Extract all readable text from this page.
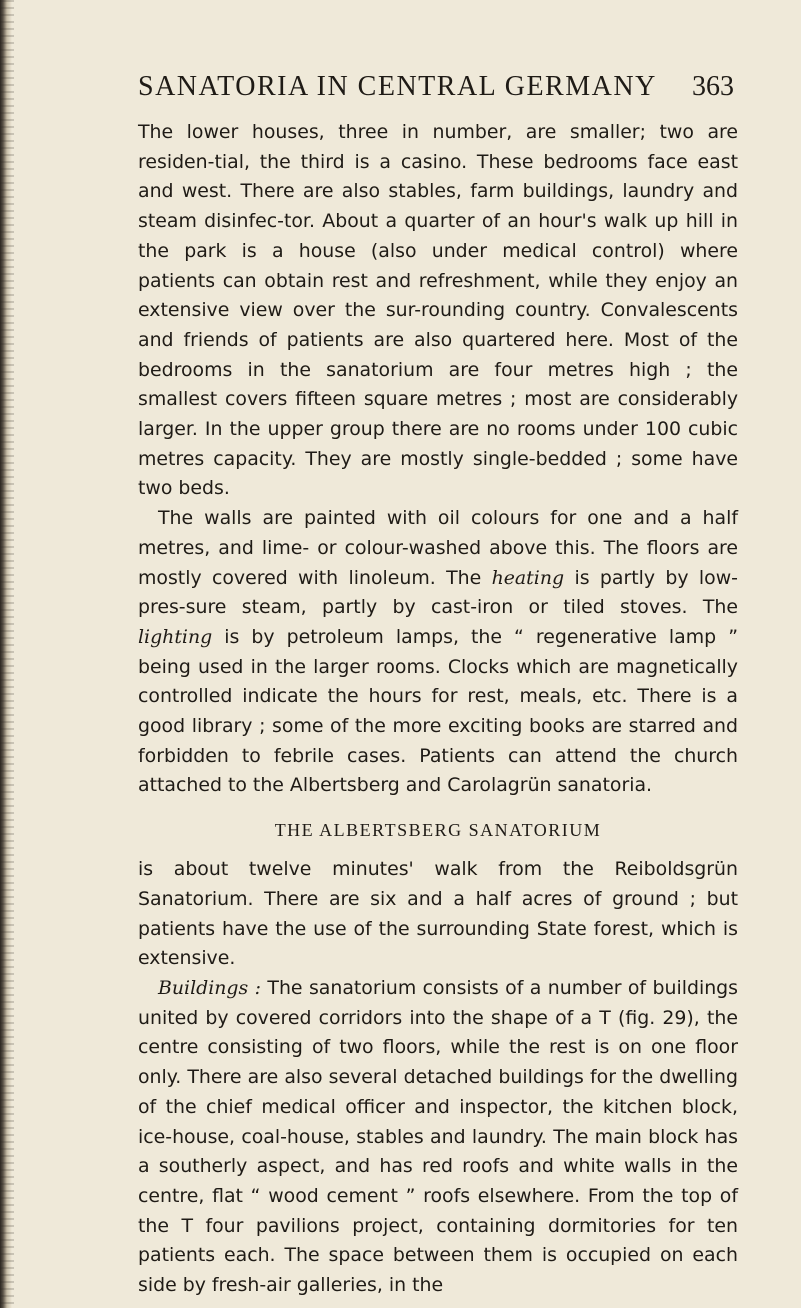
SANATORIA IN CENTRAL GERMANY 363

The lower houses, three in number, are smaller; two are residen-tial, the third is a casino. These bedrooms face east and west. There are also stables, farm buildings, laundry and steam disinfec-tor. About a quarter of an hour's walk up hill in the park is a house (also under medical control) where patients can obtain rest and refreshment, while they enjoy an extensive view over the sur-rounding country. Convalescents and friends of patients are also quartered here. Most of the bedrooms in the sanatorium are four metres high ; the smallest covers fifteen square metres ; most are considerably larger. In the upper group there are no rooms under 100 cubic metres capacity. They are mostly single-bedded ; some have two beds.

The walls are painted with oil colours for one and a half metres, and lime- or colour-washed above this. The floors are mostly covered with linoleum. The heating is partly by low-pres-sure steam, partly by cast-iron or tiled stoves. The lighting is by petroleum lamps, the “ regenerative lamp ” being used in the larger rooms. Clocks which are magnetically controlled indicate the hours for rest, meals, etc. There is a good library ; some of the more exciting books are starred and forbidden to febrile cases. Patients can attend the church attached to the Albertsberg and Carolagrün sanatoria.

THE ALBERTSBERG SANATORIUM

is about twelve minutes' walk from the Reiboldsgrün Sanatorium. There are six and a half acres of ground ; but patients have the use of the surrounding State forest, which is extensive.

Buildings : The sanatorium consists of a number of buildings united by covered corridors into the shape of a T (fig. 29), the centre consisting of two floors, while the rest is on one floor only. There are also several detached buildings for the dwelling of the chief medical officer and inspector, the kitchen block, ice-house, coal-house, stables and laundry. The main block has a southerly aspect, and has red roofs and white walls in the centre, flat “ wood cement ” roofs elsewhere. From the top of the T four pavilions project, containing dormitories for ten patients each. The space between them is occupied on each side by fresh-air galleries, in the
